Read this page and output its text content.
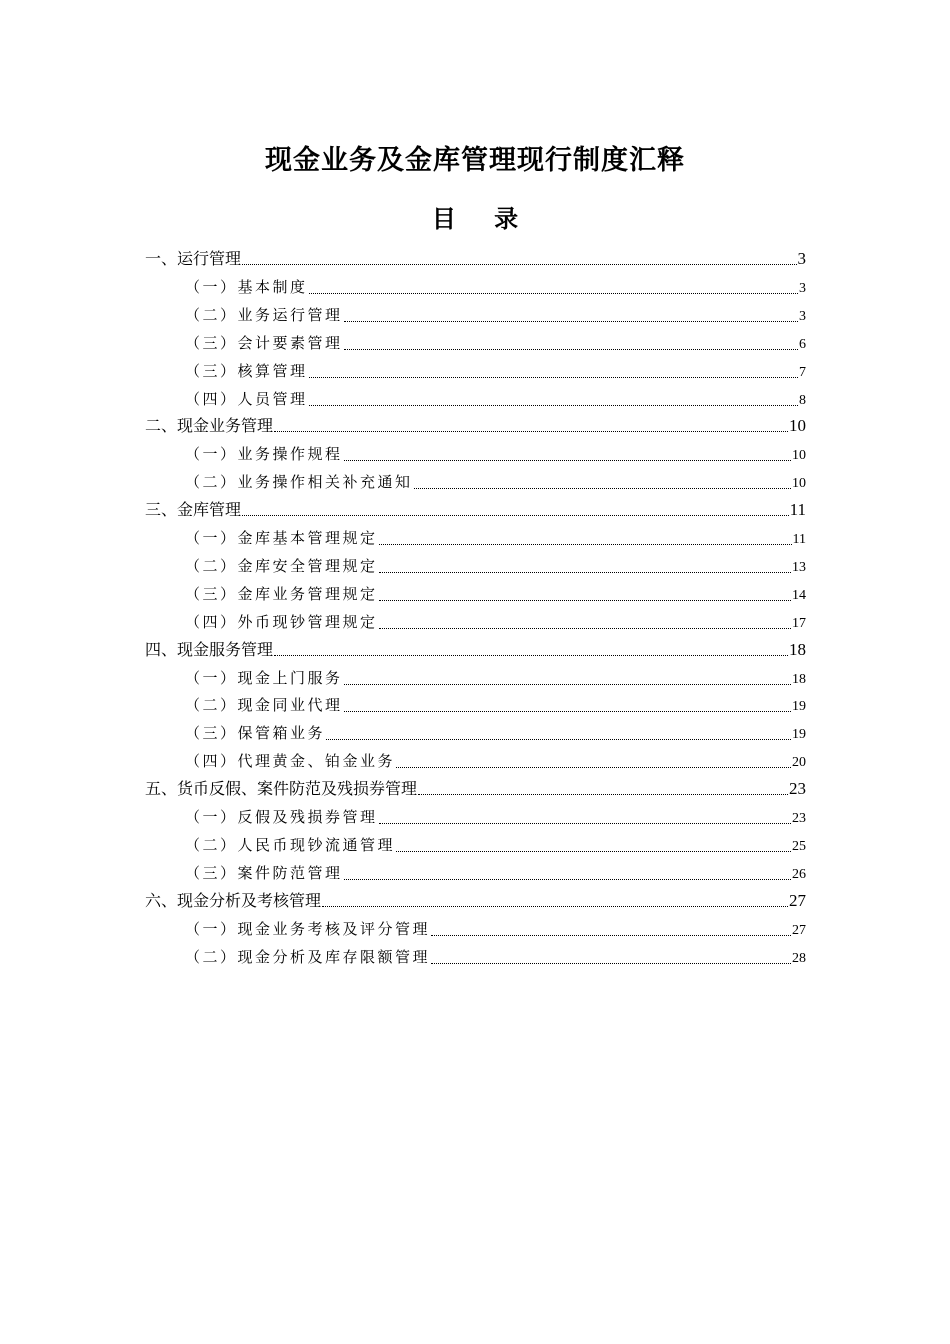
现金业务及金库管理现行制度汇释
目 录
一、运行管理	3
（一）基本制度	3
（二）业务运行管理	3
（三）会计要素管理	6
（三）核算管理	7
（四）人员管理	8
二、现金业务管理	10
（一）业务操作规程	10
（二）业务操作相关补充通知	10
三、金库管理	11
（一）金库基本管理规定	11
（二）金库安全管理规定	13
（三）金库业务管理规定	14
（四）外币现钞管理规定	17
四、现金服务管理	18
（一）现金上门服务	18
（二）现金同业代理	19
（三）保管箱业务	19
（四）代理黄金、铂金业务	20
五、货币反假、案件防范及残损券管理	23
（一）反假及残损券管理	23
（二）人民币现钞流通管理	25
（三）案件防范管理	26
六、现金分析及考核管理	27
（一）现金业务考核及评分管理	27
（二）现金分析及库存限额管理	28
